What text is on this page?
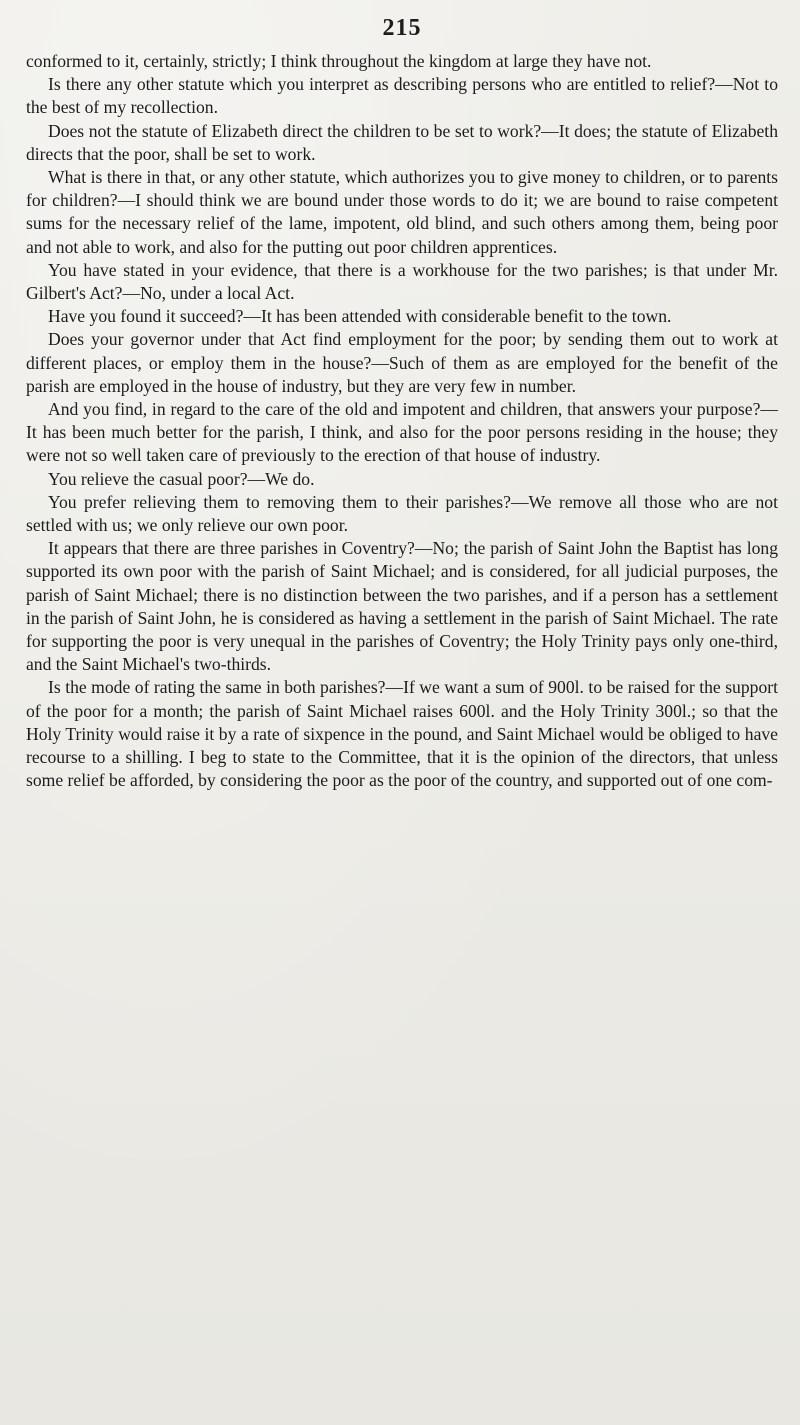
215

conformed to it, certainly, strictly; I think throughout the kingdom at large they have not.

Is there any other statute which you interpret as describing persons who are entitled to relief?—Not to the best of my recollection.

Does not the statute of Elizabeth direct the children to be set to work?—It does; the statute of Elizabeth directs that the poor, shall be set to work.

What is there in that, or any other statute, which authorizes you to give money to children, or to parents for children?—I should think we are bound under those words to do it; we are bound to raise competent sums for the necessary relief of the lame, impotent, old blind, and such others among them, being poor and not able to work, and also for the putting out poor children apprentices.

You have stated in your evidence, that there is a workhouse for the two parishes; is that under Mr. Gilbert's Act?—No, under a local Act.

Have you found it succeed?—It has been attended with considerable benefit to the town.

Does your governor under that Act find employment for the poor; by sending them out to work at different places, or employ them in the house?—Such of them as are employed for the benefit of the parish are employed in the house of industry, but they are very few in number.

And you find, in regard to the care of the old and impotent and children, that answers your purpose?—It has been much better for the parish, I think, and also for the poor persons residing in the house; they were not so well taken care of previously to the erection of that house of industry.

You relieve the casual poor?—We do.

You prefer relieving them to removing them to their parishes?—We remove all those who are not settled with us; we only relieve our own poor.

It appears that there are three parishes in Coventry?—No; the parish of Saint John the Baptist has long supported its own poor with the parish of Saint Michael; and is considered, for all judicial purposes, the parish of Saint Michael; there is no distinction between the two parishes, and if a person has a settlement in the parish of Saint John, he is considered as having a settlement in the parish of Saint Michael. The rate for supporting the poor is very unequal in the parishes of Coventry; the Holy Trinity pays only one-third, and the Saint Michael's two-thirds.

Is the mode of rating the same in both parishes?—If we want a sum of 900l. to be raised for the support of the poor for a month; the parish of Saint Michael raises 600l. and the Holy Trinity 300l.; so that the Holy Trinity would raise it by a rate of sixpence in the pound, and Saint Michael would be obliged to have recourse to a shilling. I beg to state to the Committee, that it is the opinion of the directors, that unless some relief be afforded, by considering the poor as the poor of the country, and supported out of one com-
